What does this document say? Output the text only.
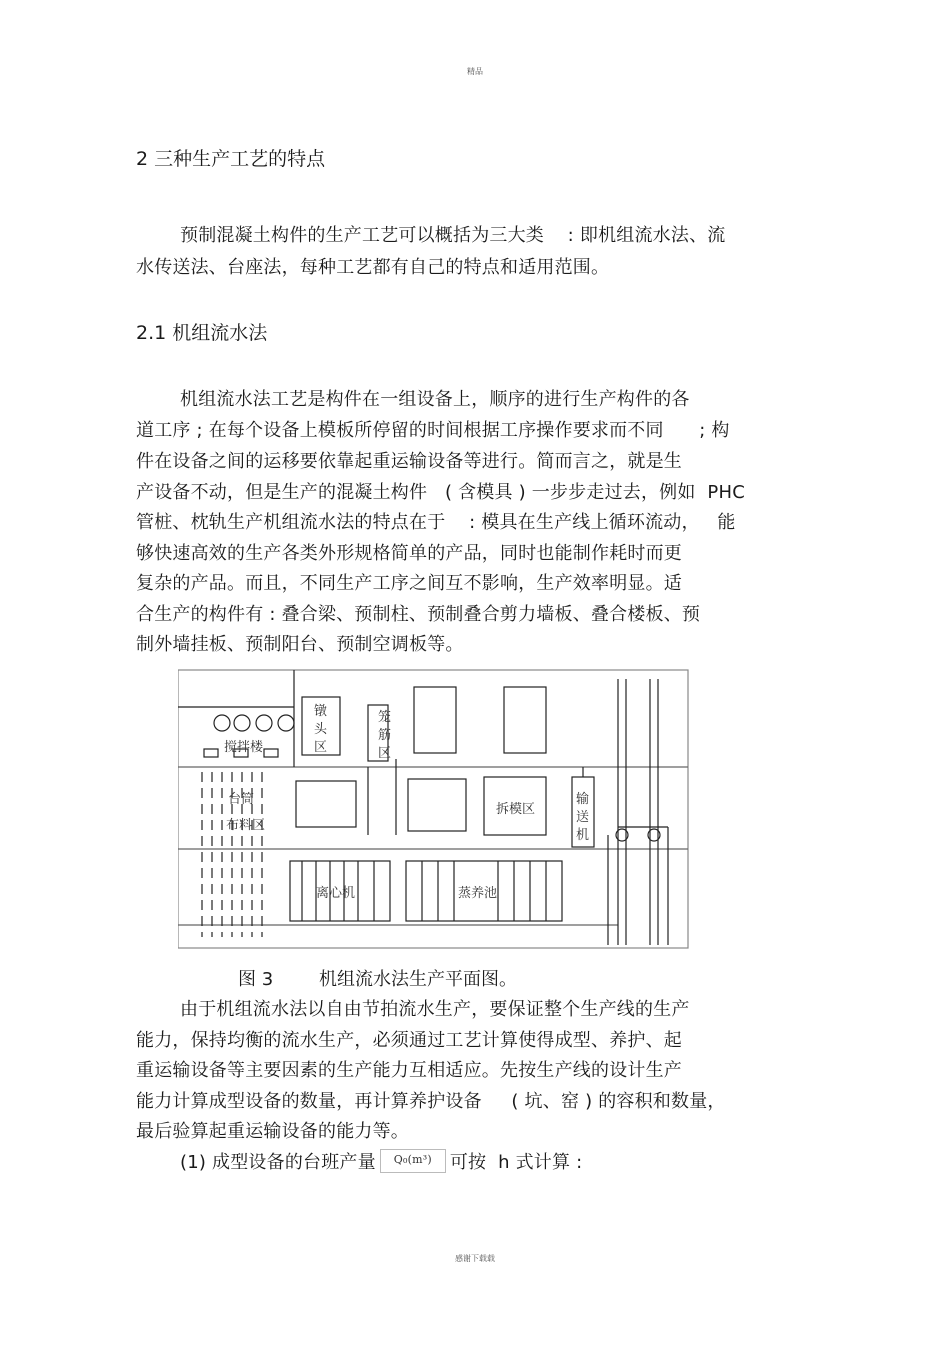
精品
2 三种生产工艺的特点
预制混凝土构件的生产工艺可以概括为三大类    : 即机组流水法、流
水传送法、台座法，每种工艺都有自己的特点和适用范围。
2.1 机组流水法
机组流水法工艺是构件在一组设备上，顺序的进行生产构件的各
道工序 ; 在每个设备上模板所停留的时间根据工序操作要求而不同      ; 构
件在设备之间的运移要依靠起重运输设备等进行。简而言之，就是生
产设备不动，但是生产的混凝土构件   ( 含模具 ) 一步步走过去，例如  PHC
管桩、枕轨生产机组流水法的特点在于    : 模具在生产线上循环流动，   能
够快速高效的生产各类外形规格简单的产品，同时也能制作耗时而更
复杂的产品。而且，不同生产工序之间互不影响，生产效率明显。适
合生产的构件有 : 叠合梁、预制柱、预制叠合剪力墙板、叠合楼板、预
制外墙挂板、预制阳台、预制空调板等。
搅拌楼
镦
头
区
笼
筋
区
台筒
布料区
拆模区
输
送
机
离心机	蒸养池
图 3	机组流水法生产平面图。
由于机组流水法以自由节拍流水生产，要保证整个生产线的生产
能力，保持均衡的流水生产，必须通过工艺计算使得成型、养护、起
重运输设备等主要因素的生产能力互相适应。先按生产线的设计生产
能力计算成型设备的数量，再计算养护设备     ( 坑、窑 ) 的容积和数量，
最后验算起重运输设备的能力等。
(1) 成型设备的台班产量 Q₀(m³) 可按  h 式计算 :
感谢下载载
